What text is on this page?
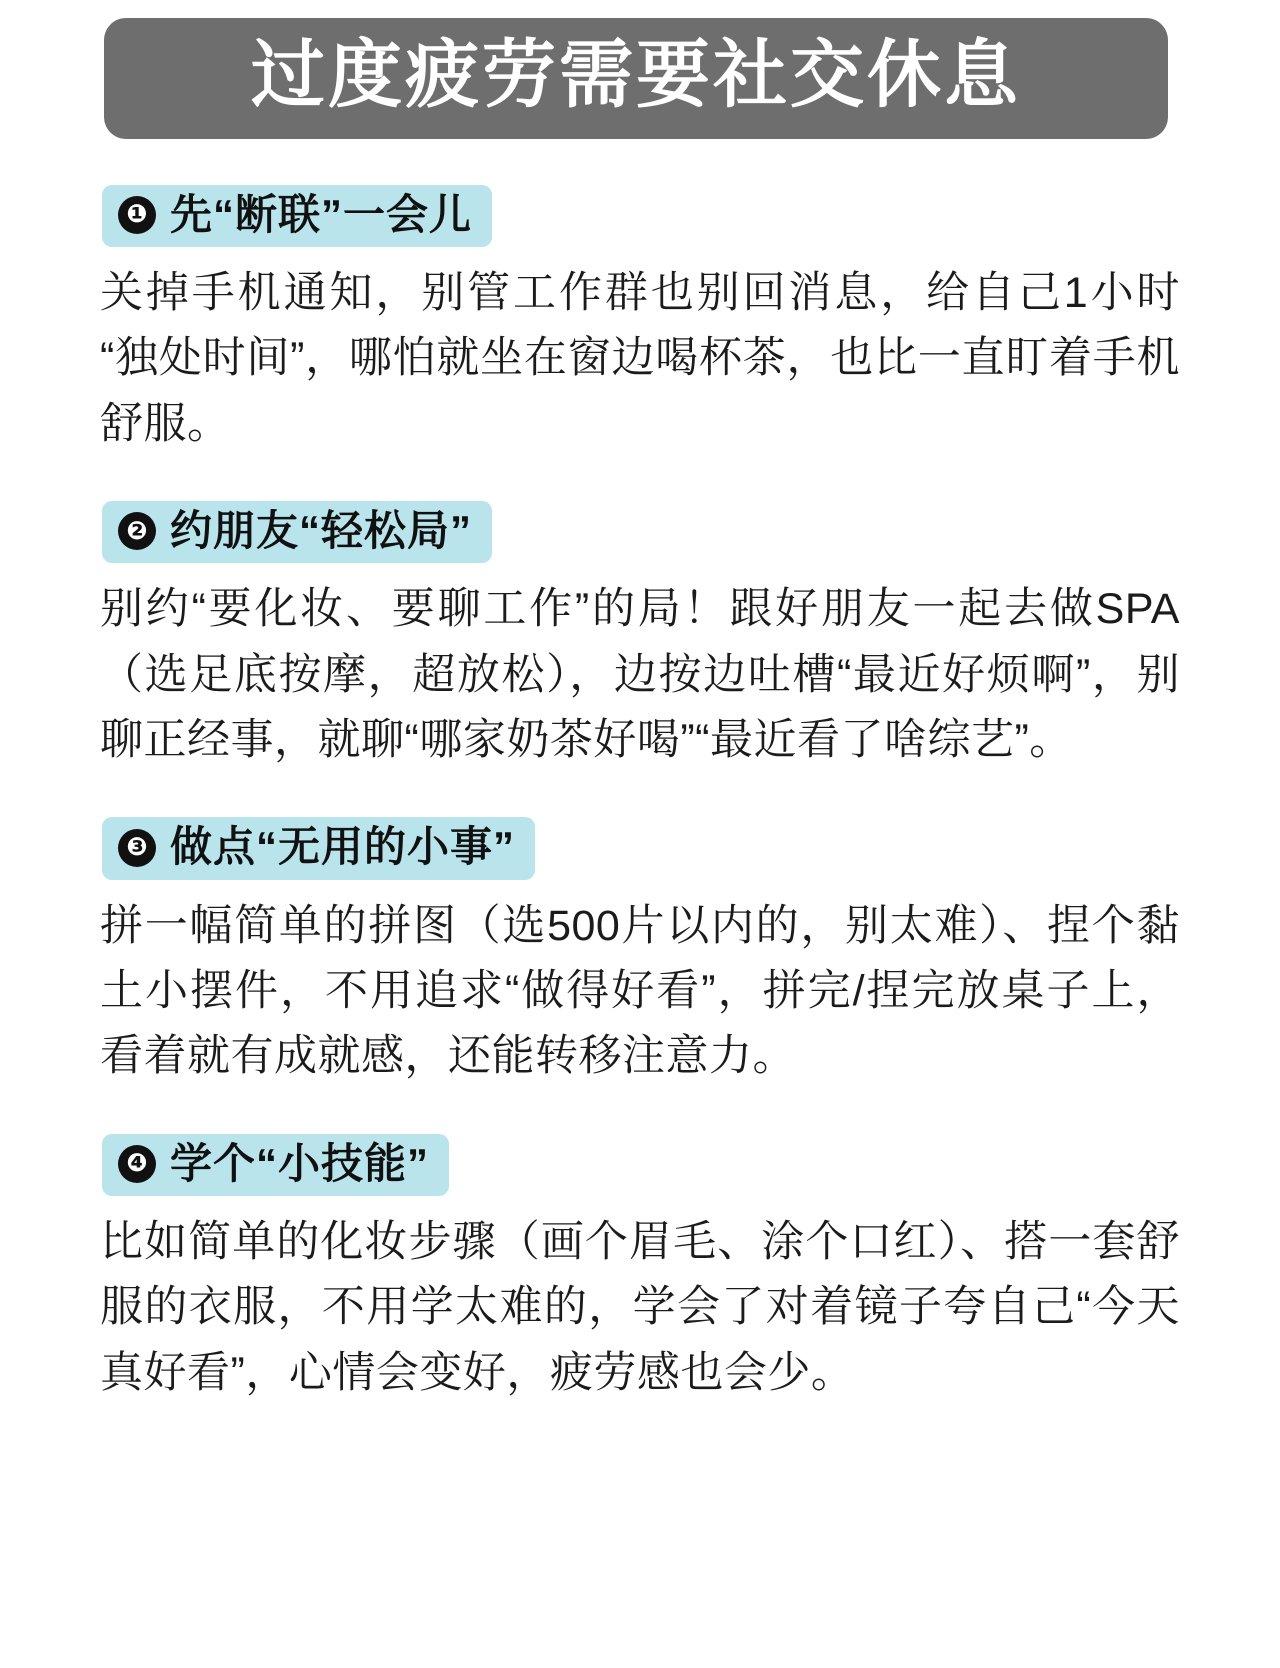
过度疲劳需要社交休息
❶ 先“断联”一会儿

关掉手机通知，别管工作群也别回消息，给自己1小时“独处时间”，哪怕就坐在窗边喝杯茶，也比一直盯着手机舒服。

❷ 约朋友“轻松局”

别约“要化妆、要聊工作”的局！跟好朋友一起去做SPA（选足底按摩，超放松），边按边吐槽“最近好烦啊”，别聊正经事，就聊“哪家奶茶好喝”“最近看了啥综艺”。

❸ 做点“无用的小事”

拼一幅简单的拼图（选500片以内的，别太难）、捏个黏土小摆件，不用追求“做得好看”，拼完/捏完放桌子上，看着就有成就感，还能转移注意力。

❹ 学个“小技能”

比如简单的化妆步骤（画个眉毛、涂个口红）、搭一套舒服的衣服，不用学太难的，学会了对着镜子夸自己“今天真好看”，心情会变好，疲劳感也会少。
